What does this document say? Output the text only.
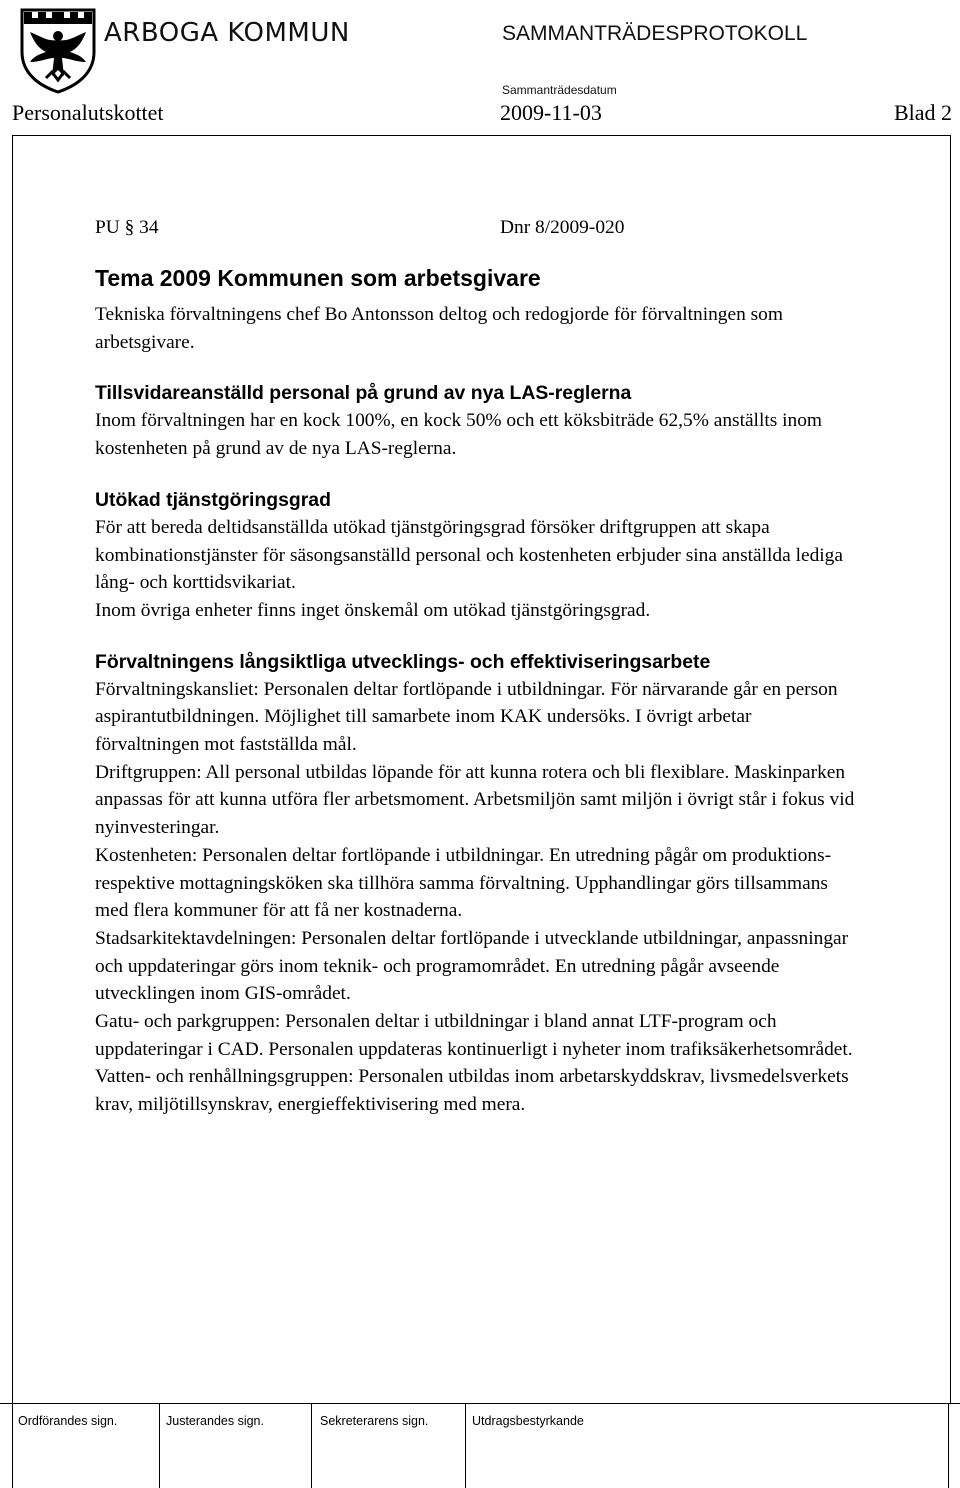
ARBOGA KOMMUN	SAMMANTRÄDESPROTOKOLL
Sammanträdesdatum
Personalutskottet	2009-11-03	Blad 2
PU § 34	Dnr 8/2009-020
Tema 2009 Kommunen som arbetsgivare

Tekniska förvaltningens chef Bo Antonsson deltog och redogjorde för förvaltningen som arbetsgivare.

Tillsvidareanställd personal på grund av nya LAS-reglerna

Inom förvaltningen har en kock 100%, en kock 50% och ett köksbiträde 62,5% anställts inom kostenheten på grund av de nya LAS-reglerna.

Utökad tjänstgöringsgrad

För att bereda deltidsanställda utökad tjänstgöringsgrad försöker driftgruppen att skapa kombinationstjänster för säsongsanställd personal och kostenheten erbjuder sina anställda lediga lång- och korttidsvikariat.

Inom övriga enheter finns inget önskemål om utökad tjänstgöringsgrad.

Förvaltningens långsiktliga utvecklings- och effektiviseringsarbete

Förvaltningskansliet: Personalen deltar fortlöpande i utbildningar. För närvarande går en person aspirantutbildningen. Möjlighet till samarbete inom KAK undersöks. I övrigt arbetar förvaltningen mot fastställda mål.

Driftgruppen: All personal utbildas löpande för att kunna rotera och bli flexiblare. Maskinparken anpassas för att kunna utföra fler arbetsmoment. Arbetsmiljön samt miljön i övrigt står i fokus vid nyinvesteringar.

Kostenheten: Personalen deltar fortlöpande i utbildningar. En utredning pågår om produktions- respektive mottagningsköken ska tillhöra samma förvaltning. Upphandlingar görs tillsammans med flera kommuner för att få ner kostnaderna.

Stadsarkitektavdelningen: Personalen deltar fortlöpande i utvecklande utbildningar, anpassningar och uppdateringar görs inom teknik- och programområdet. En utredning pågår avseende utvecklingen inom GIS-området.

Gatu- och parkgruppen: Personalen deltar i utbildningar i bland annat LTF-program och uppdateringar i CAD. Personalen uppdateras kontinuerligt i nyheter inom trafiksäkerhetsområdet.

Vatten- och renhållningsgruppen: Personalen utbildas inom arbetarskyddskrav, livsmedelsverkets krav, miljötillsynskrav, energieffektivisering med mera.

Ordförandes sign.	Justerandes sign.	Sekreterarens sign.	Utdragsbestyrkande
